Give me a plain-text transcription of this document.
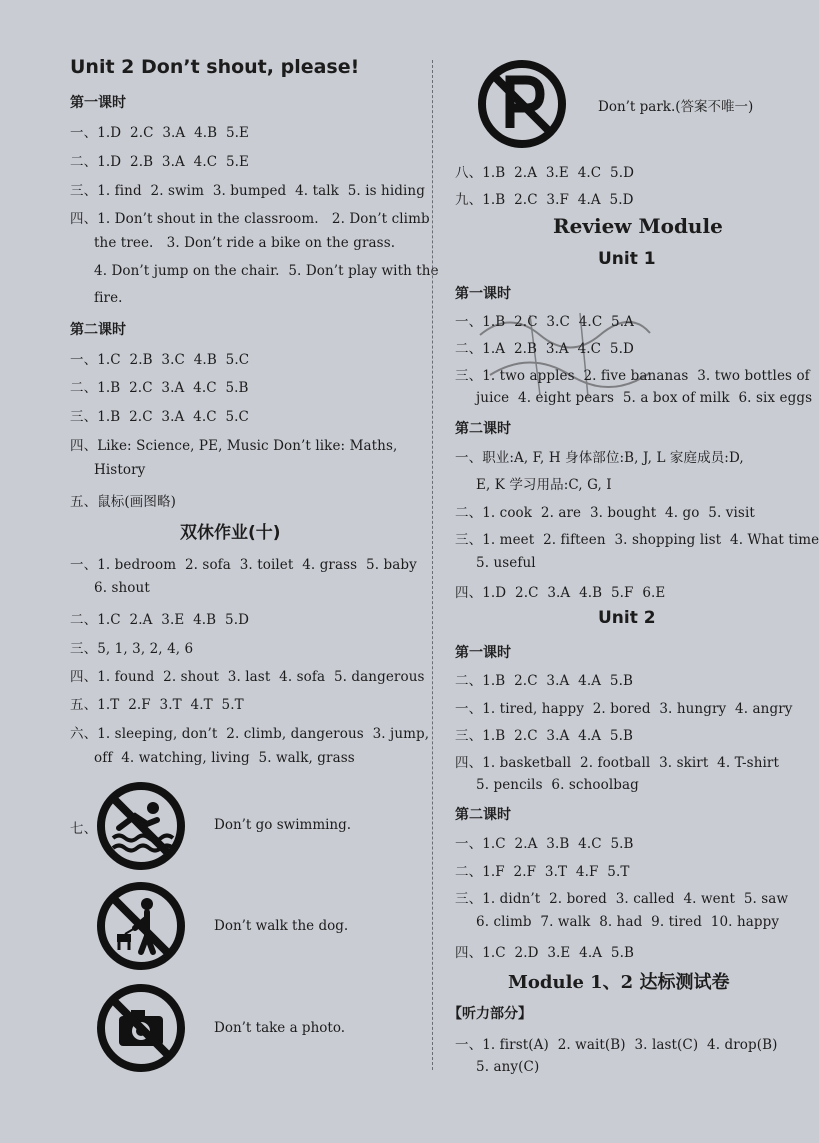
Unit 2 Don’t shout, please!
第一课时
一、1.D 2.C 3.A 4.B 5.E
二、1.D 2.B 3.A 4.C 5.E
三、1. find 2. swim 3. bumped 4. talk 5. is hiding
四、1. Don’t shout in the classroom. 2. Don’t climb
the tree. 3. Don’t ride a bike on the grass.
4. Don’t jump on the chair. 5. Don’t play with the
fire.
第二课时
一、1.C 2.B 3.C 4.B 5.C
二、1.B 2.C 3.A 4.C 5.B
三、1.B 2.C 3.A 4.C 5.C
四、Like: Science, PE, Music Don’t like: Maths,
History
五、鼠标(画图略)
双休作业(十)
一、1. bedroom 2. sofa 3. toilet 4. grass 5. baby
6. shout
二、1.C 2.A 3.E 4.B 5.D
三、5, 1, 3, 2, 4, 6
四、1. found 2. shout 3. last 4. sofa 5. dangerous
五、1.T 2.F 3.T 4.T 5.T
六、1. sleeping, don’t 2. climb, dangerous 3. jump,
off 4. watching, living 5. walk, grass
七、	Don’t go swimming.
Don’t walk the dog.
Don’t take a photo.
Don’t park.(答案不唯一)
八、1.B 2.A 3.E 4.C 5.D
九、1.B 2.C 3.F 4.A 5.D
Review Module
Unit 1
第一课时
一、1.B 2.C 3.C 4.C 5.A
二、1.A 2.B 3.A 4.C 5.D
三、1. two apples 2. five bananas 3. two bottles of
juice 4. eight pears 5. a box of milk 6. six eggs
第二课时
一、职业:A, F, H 身体部位:B, J, L 家庭成员:D,
E, K 学习用品:C, G, I
二、1. cook 2. are 3. bought 4. go 5. visit
三、1. meet 2. fifteen 3. shopping list 4. What time
5. useful
四、1.D 2.C 3.A 4.B 5.F 6.E
Unit 2
第一课时
一、1. tired, happy 2. bored 3. hungry 4. angry
二、1.B 2.C 3.A 4.A 5.B
三、1.B 2.C 3.A 4.A 5.B
四、1. basketball 2. football 3. skirt 4. T-shirt
5. pencils 6. schoolbag
第二课时
一、1.C 2.A 3.B 4.C 5.B
二、1.F 2.F 3.T 4.F 5.T
三、1. didn’t 2. bored 3. called 4. went 5. saw
6. climb 7. walk 8. had 9. tired 10. happy
四、1.C 2.D 3.E 4.A 5.B
Module 1、2 达标测试卷
【听力部分】
一、1. first(A) 2. wait(B) 3. last(C) 4. drop(B)
5. any(C)
